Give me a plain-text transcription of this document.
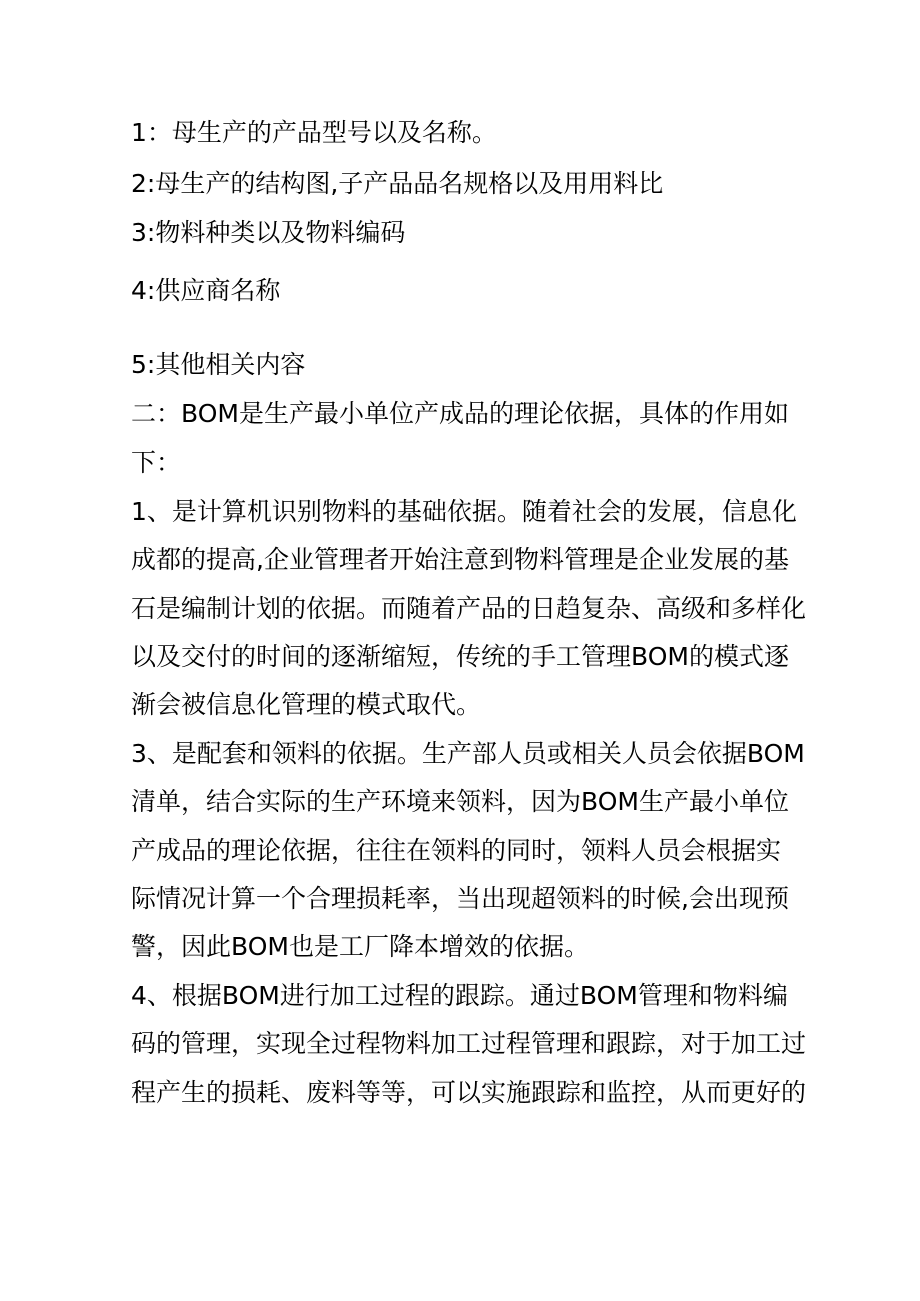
1：母生产的产品型号以及名称。
2:母生产的结构图,子产品品名规格以及用用料比
3:物料种类以及物料编码
4:供应商名称
5:其他相关内容
二：BOM是生产最小单位产成品的理论依据，具体的作用如
下：
1、是计算机识别物料的基础依据。随着社会的发展，信息化
成都的提高,企业管理者开始注意到物料管理是企业发展的基
石是编制计划的依据。而随着产品的日趋复杂、高级和多样化
以及交付的时间的逐渐缩短，传统的手工管理BOM的模式逐
渐会被信息化管理的模式取代。
3、是配套和领料的依据。生产部人员或相关人员会依据BOM
清单，结合实际的生产环境来领料，因为BOM生产最小单位
产成品的理论依据，往往在领料的同时，领料人员会根据实
际情况计算一个合理损耗率，当出现超领料的时候,会出现预
警，因此BOM也是工厂降本增效的依据。
4、根据BOM进行加工过程的跟踪。通过BOM管理和物料编
码的管理，实现全过程物料加工过程管理和跟踪，对于加工过
程产生的损耗、废料等等，可以实施跟踪和监控，从而更好的
